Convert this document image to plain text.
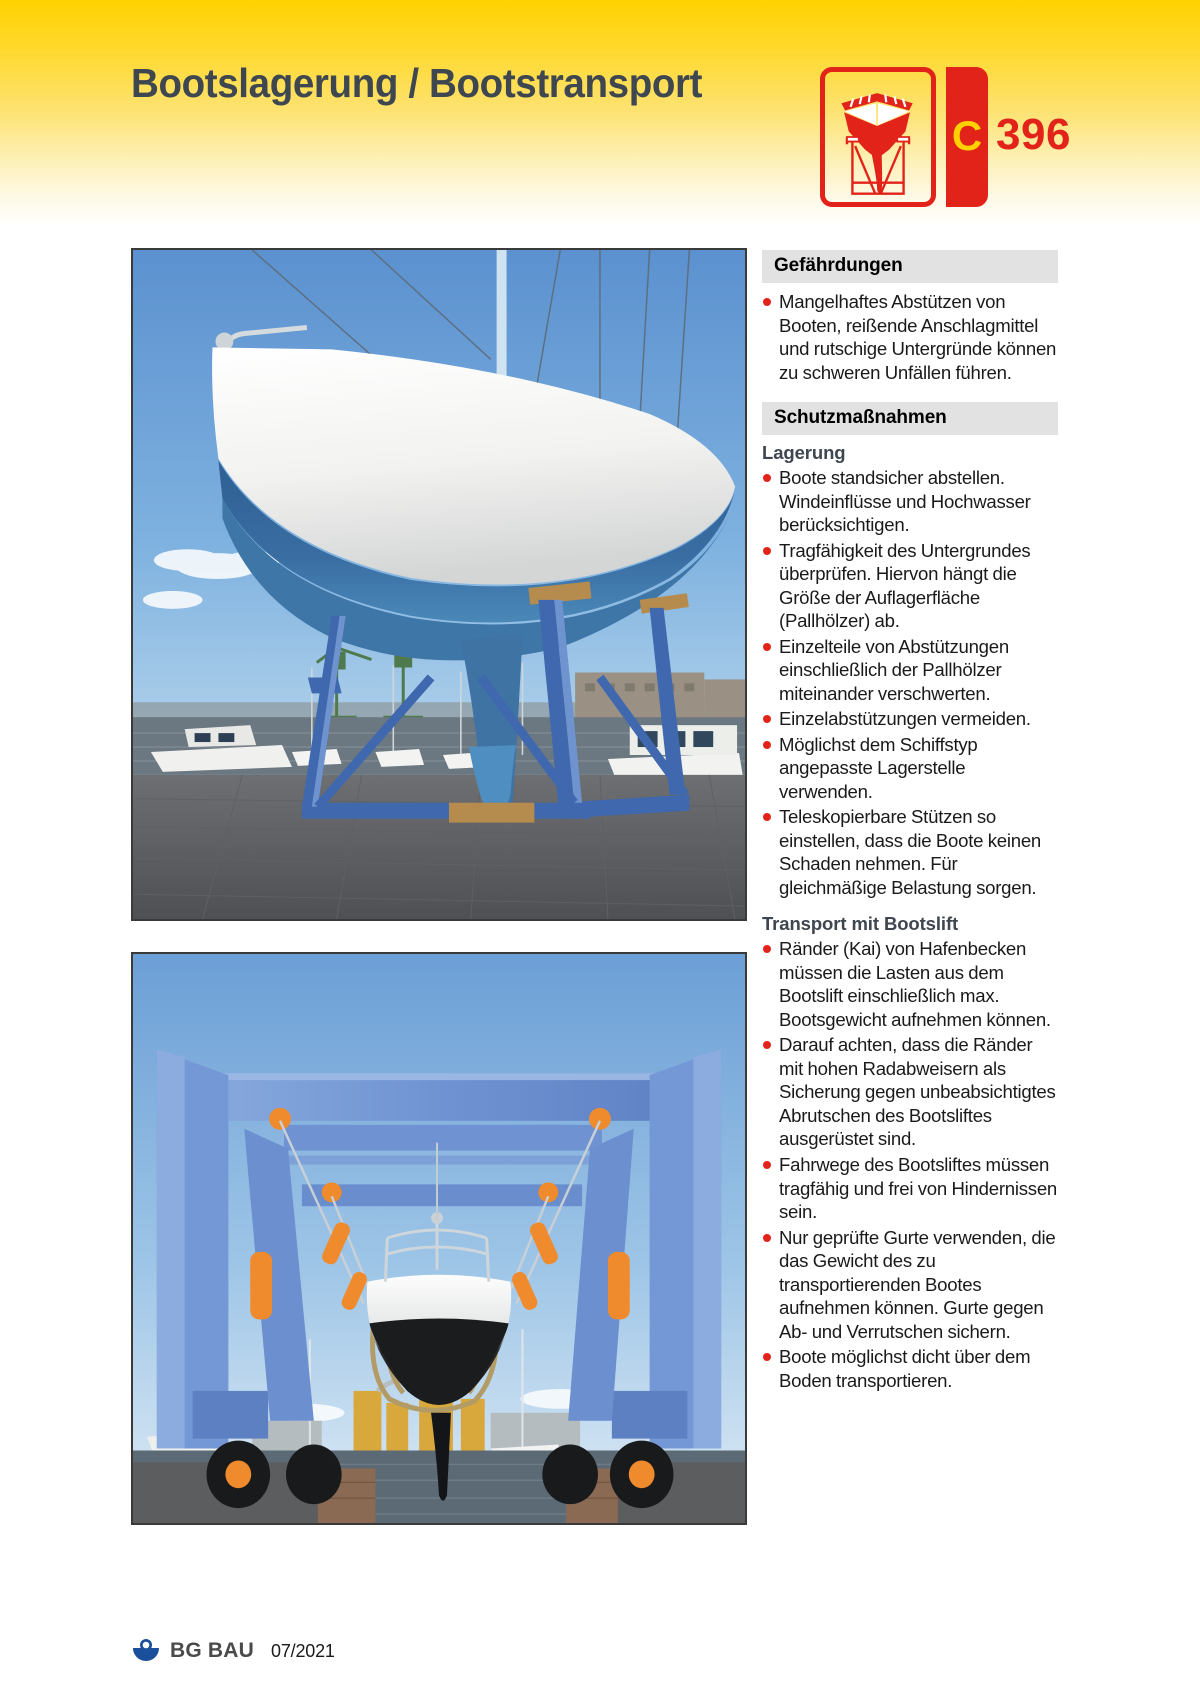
Bootslagerung / Bootstransport
C 396
Gefährdungen
Mangelhaftes Abstützen von Booten, reißende Anschlagmittel und rutschige Untergründe können zu schweren Unfällen führen.
Schutzmaßnahmen
Lagerung
Boote standsicher abstellen. Windeinflüsse und Hochwasser berücksichtigen.
Tragfähigkeit des Untergrundes überprüfen. Hiervon hängt die Größe der Auflagerfläche (Pallhölzer) ab.
Einzelteile von Abstützungen einschließlich der Pallhölzer miteinander verschwerten.
Einzelabstützungen vermeiden.
Möglichst dem Schiffstyp angepasste Lagerstelle verwenden.
Teleskopierbare Stützen so einstellen, dass die Boote keinen Schaden nehmen. Für gleichmäßige Belastung sorgen.
Transport mit Bootslift
Ränder (Kai) von Hafenbecken müssen die Lasten aus dem Bootslift einschließlich max. Bootsgewicht aufnehmen können.
Darauf achten, dass die Ränder mit hohen Radabweisern als Sicherung gegen unbeabsichtigtes Abrutschen des Bootsliftes ausgerüstet sind.
Fahrwege des Bootsliftes müssen tragfähig und frei von Hindernissen sein.
Nur geprüfte Gurte verwenden, die das Gewicht des zu transportierenden Bootes aufnehmen können. Gurte gegen Ab- und Verrutschen sichern.
Boote möglichst dicht über dem Boden transportieren.
BG BAU 07/2021
